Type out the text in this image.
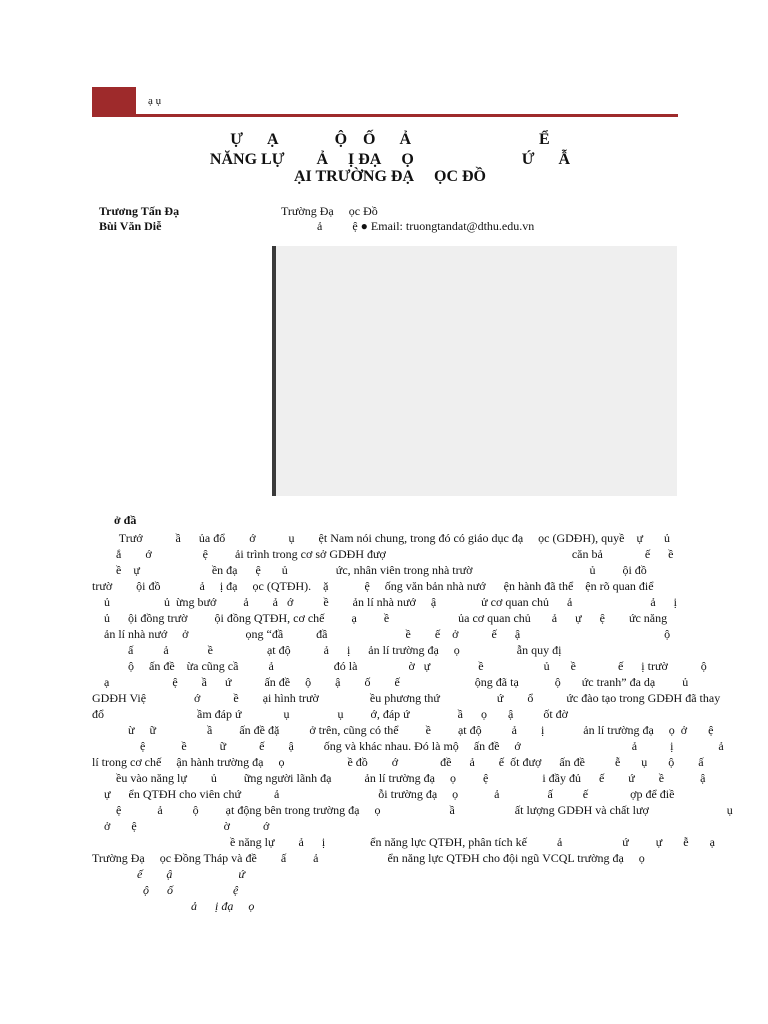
ạ ụ
Ự      Ạ              Ộ    Ố      Ả                                Ể
NĂNG LỰ        Ả     Ị ĐẠ     Ọ                           Ứ      Ẫ
ẠI TRƯỜNG ĐẠ     ỌC ĐỒ
Trương Tấn Đạ	Trường Đạ     ọc Đồ
Bùi Văn Diễ	ả          ệ ● Email: truongtandat@dthu.edu.vn
ở đầ
Trướ           ầ      ủa đổ        ớ           ụ        ệt Nam nói chung, trong đó có giáo dục đạ     ọc (GDĐH), quyề    ự       ủ
ắ        ớ                 ệ         ải trình trong cơ sở GDĐH đượ                                                              căn bả              ế      ề
ề    ự                        ền đạ      ệ       ủ                ức, nhân viên trong nhà trườ                                       ủ         ội đồ
trườ        ội đồ             ả     ị đạ     ọc (QTĐH).    ặ            ệ     ống văn bản nhà nướ      ện hành đã thể    ện rõ quan điể
ủ                  ủ  ừng bướ         ả        ả   ớ          ề        ản lí nhà nướ     ậ               ử cơ quan chủ      ả                          ả      ị
ủ      ội đồng trườ         ội đồng QTĐH, cơ chế         ạ         ề                       ủa cơ quan chủ       ả      ự      ệ        ức năng
ản lí nhà nướ     ở                   ọng “đầ           đầ                          ề        ế    ở           ế      ậ                                                ộ
ấ          ả             ề                  ạt độ           ả      ị      ản lí trường đạ     ọ                   ẫn quy đị
ộ     ấn đề    ừa cũng cầ          ả                    đó là                 ờ   ự                ề                    ủ       ề              ế      ị trườ           ộ
ạ                     ệ        ầ      ứ           ấn đề     ộ        ậ        ố        ế                         ộng đã tạ            ộ       ức tranh” đa dạ         ủ
GDĐH Việ                ớ           ề        ại hình trườ                 ều phương thứ                   ứ        ổ           ức đào tạo trong GDĐH đã thay
đổ                               ầm đáp ứ              ụ                ụ         ớ, đáp ứ                ầ      ọ       ậ          ốt đờ
ừ     ữ                 ầ         ấn đề đặ          ở trên, cũng có thể         ề         ạt độ          ả        ị             ản lí trường đạ     ọ  ở       ệ
ệ            ề           ữ           ế        ậ          ống và khác nhau. Đó là mộ     ấn đề     ớ                                     ả           ị               ả
lí trong cơ chế     ận hành trường đạ     ọ                     ề đồ        ớ              đề      ả        ế  ốt đượ      ấn đề          ễ       ụ       ộ        ấ
ều vào năng lự        ủ         ững người lãnh đạ           ản lí trường đạ     ọ         ệ                  i đầy đủ      ế        ứ        ề            ậ
ự      ển QTĐH cho viên chứ           ả                                 ỗi trường đạ     ọ            ả                ấ          ế              ợp để điề
ệ            ả          ộ         ạt động bên trong trường đạ     ọ                       ầ                    ất lượng GDĐH và chất lượ                          ụ
ở       ệ                             ờ           ớ
ề năng lự        ả      ị               ển năng lực QTĐH, phân tích kế          ả                    ứ         ự       ễ       ạ
Trường Đạ     ọc Đồng Tháp và đề        ấ         ả                       ển năng lực QTĐH cho đội ngũ VCQL trường đạ     ọ
ế        ậ                      ứ
ộ      ố                    ệ
ả      ị đạ     ọ
